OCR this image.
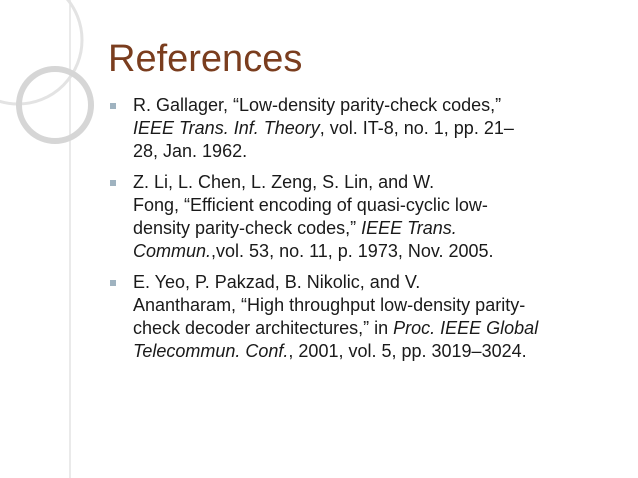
References
R. Gallager, “Low-density parity-check codes,”
IEEE Trans. Inf. Theory, vol. IT-8, no. 1, pp. 21–
28, Jan. 1962.
Z. Li, L. Chen, L. Zeng, S. Lin, and W.
Fong, “Efficient encoding of quasi-cyclic low-
density parity-check codes,” IEEE Trans.
Commun.,vol. 53, no. 11, p. 1973, Nov. 2005.
E. Yeo, P. Pakzad, B. Nikolic, and V.
Anantharam, “High throughput low-density parity-
check decoder architectures,” in Proc. IEEE Global
Telecommun. Conf., 2001, vol. 5, pp. 3019–3024.
